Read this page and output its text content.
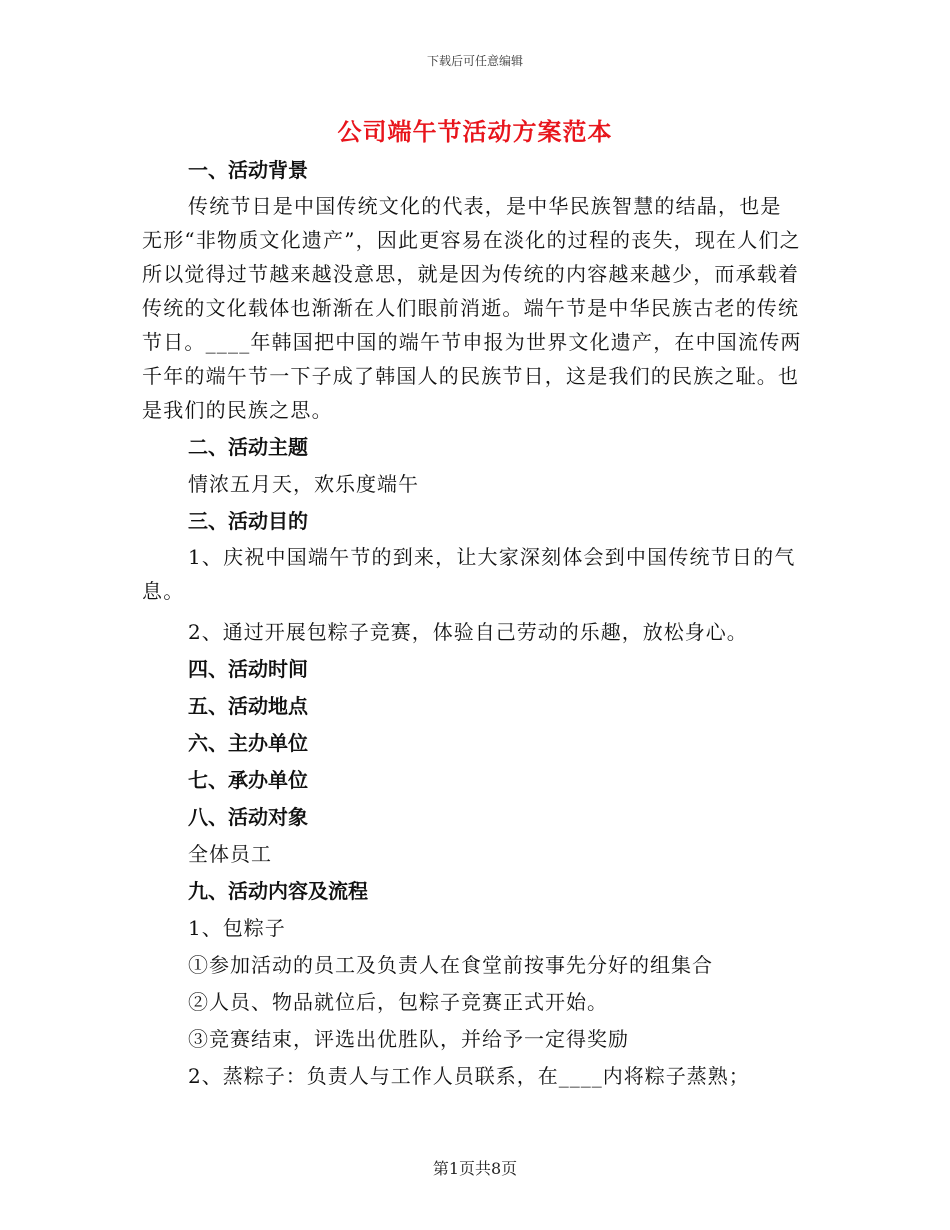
下载后可任意编辑
公司端午节活动方案范本

一、活动背景

传统节日是中国传统文化的代表，是中华民族智慧的结晶，也是无形“非物质文化遗产”，因此更容易在淡化的过程的丧失，现在人们之所以觉得过节越来越没意思，就是因为传统的内容越来越少，而承载着传统的文化载体也渐渐在人们眼前消逝。端午节是中华民族古老的传统节日。____年韩国把中国的端午节申报为世界文化遗产，在中国流传两千年的端午节一下子成了韩国人的民族节日，这是我们的民族之耻。也是我们的民族之思。

二、活动主题

情浓五月天，欢乐度端午

三、活动目的

1、庆祝中国端午节的到来，让大家深刻体会到中国传统节日的气息。

2、通过开展包粽子竞赛，体验自己劳动的乐趣，放松身心。

四、活动时间

五、活动地点

六、主办单位

七、承办单位

八、活动对象

全体员工

九、活动内容及流程

1、包粽子

①参加活动的员工及负责人在食堂前按事先分好的组集合

②人员、物品就位后，包粽子竞赛正式开始。

③竞赛结束，评选出优胜队，并给予一定得奖励

2、蒸粽子：负责人与工作人员联系，在____内将粽子蒸熟；

第1页共8页
